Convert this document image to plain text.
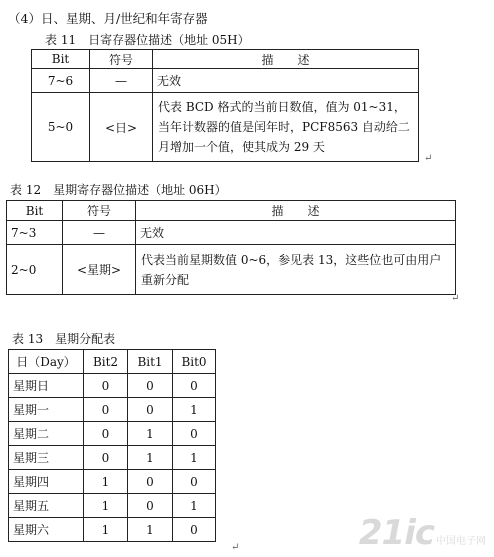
（4）日、星期、月/世纪和年寄存器
表 11　日寄存器位描述（地址 05H）
Bit	符号	描　　述
7~6	—	无效
5~0	<日>	代表 BCD 格式的当前日数值，值为 01~31，当年计数器的值是闰年时，PCF8563 自动给二月增加一个值，使其成为 29 天
↵
表 12　星期寄存器位描述（地址 06H）
Bit	符号	描　　述
7~3	—	无效
2~0	<星期>	代表当前星期数值 0~6，参见表 13，这些位也可由用户重新分配
↵
表 13　星期分配表
日（Day）	Bit2	Bit1	Bit0
星期日	0	0	0
星期一	0	0	1
星期二	0	1	0
星期三	0	1	1
星期四	1	0	0
星期五	1	0	1
星期六	1	1	0
↵	21ic 中国电子网
